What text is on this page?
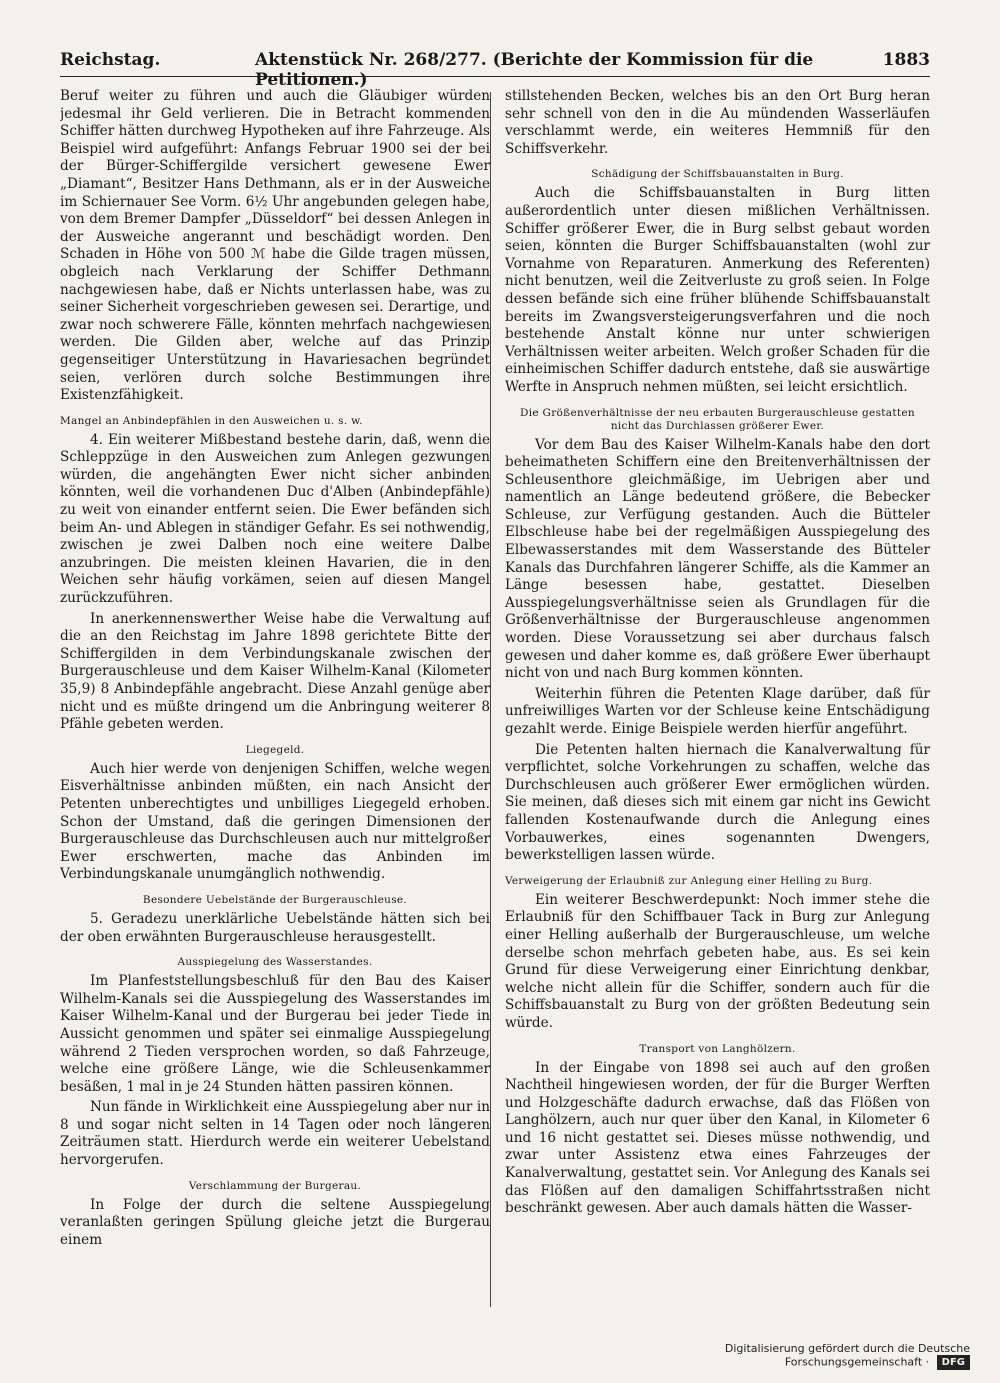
Reichstag.	Aktenstück Nr. 268/277. (Berichte der Kommission für die Petitionen.)
1883

Beruf weiter zu führen und auch die Gläubiger würden jedesmal ihr Geld verlieren. Die in Betracht kommenden Schiffer hätten durchweg Hypotheken auf ihre Fahrzeuge. Als Beispiel wird aufgeführt: Anfangs Februar 1900 sei der bei der Bürger-Schiffergilde versichert gewesene Ewer „Diamant“, Besitzer Hans Dethmann, als er in der Ausweiche im Schiernauer See Vorm. 6½ Uhr angebunden gelegen habe, von dem Bremer Dampfer „Düsseldorf“ bei dessen Anlegen in der Ausweiche angerannt und beschädigt worden. Den Schaden in Höhe von 500 ℳ habe die Gilde tragen müssen, obgleich nach Verklarung der Schiffer Dethmann nachgewiesen habe, daß er Nichts unterlassen habe, was zu seiner Sicherheit vorgeschrieben gewesen sei. Derartige, und zwar noch schwerere Fälle, könnten mehrfach nachgewiesen werden. Die Gilden aber, welche auf das Prinzip gegenseitiger Unterstützung in Havariesachen begründet seien, verlören durch solche Bestimmungen ihre Existenzfähigkeit.

Mangel an Anbindepfählen in den Ausweichen u. s. w.

4. Ein weiterer Mißbestand bestehe darin, daß, wenn die Schleppzüge in den Ausweichen zum Anlegen gezwungen würden, die angehängten Ewer nicht sicher anbinden könnten, weil die vorhandenen Duc d'Alben (Anbindepfähle) zu weit von einander entfernt seien. Die Ewer befänden sich beim An- und Ablegen in ständiger Gefahr. Es sei nothwendig, zwischen je zwei Dalben noch eine weitere Dalbe anzubringen. Die meisten kleinen Havarien, die in den Weichen sehr häufig vorkämen, seien auf diesen Mangel zurückzuführen.

In anerkennenswerther Weise habe die Verwaltung auf die an den Reichstag im Jahre 1898 gerichtete Bitte der Schiffergilden in dem Verbindungskanale zwischen der Burgerauschleuse und dem Kaiser Wilhelm-Kanal (Kilometer 35,9) 8 Anbindepfähle angebracht. Diese Anzahl genüge aber nicht und es müßte dringend um die Anbringung weiterer 8 Pfähle gebeten werden.

Liegegeld.

Auch hier werde von denjenigen Schiffen, welche wegen Eisverhältnisse anbinden müßten, ein nach Ansicht der Petenten unberechtigtes und unbilliges Liegegeld erhoben. Schon der Umstand, daß die geringen Dimensionen der Burgerauschleuse das Durchschleusen auch nur mittelgroßer Ewer erschwerten, mache das Anbinden im Verbindungskanale unumgänglich nothwendig.

Besondere Uebelstände der Burgerauschleuse.

5. Geradezu unerklärliche Uebelstände hätten sich bei der oben erwähnten Burgerauschleuse herausgestellt.

Ausspiegelung des Wasserstandes.

Im Planfeststellungsbeschluß für den Bau des Kaiser Wilhelm-Kanals sei die Ausspiegelung des Wasserstandes im Kaiser Wilhelm-Kanal und der Burgerau bei jeder Tiede in Aussicht genommen und später sei einmalige Ausspiegelung während 2 Tieden versprochen worden, so daß Fahrzeuge, welche eine größere Länge, wie die Schleusenkammer besäßen, 1 mal in je 24 Stunden hätten passiren können.

Nun fände in Wirklichkeit eine Ausspiegelung aber nur in 8 und sogar nicht selten in 14 Tagen oder noch längeren Zeiträumen statt. Hierdurch werde ein weiterer Uebelstand hervorgerufen.

Verschlammung der Burgerau.

In Folge der durch die seltene Ausspiegelung veranlaßten geringen Spülung gleiche jetzt die Burgerau einem

stillstehenden Becken, welches bis an den Ort Burg heran sehr schnell von den in die Au mündenden Wasserläufen verschlammt werde, ein weiteres Hemmniß für den Schiffsverkehr.

Schädigung der Schiffsbauanstalten in Burg.

Auch die Schiffsbauanstalten in Burg litten außerordentlich unter diesen mißlichen Verhältnissen. Schiffer größerer Ewer, die in Burg selbst gebaut worden seien, könnten die Burger Schiffsbauanstalten (wohl zur Vornahme von Reparaturen. Anmerkung des Referenten) nicht benutzen, weil die Zeitverluste zu groß seien. In Folge dessen befände sich eine früher blühende Schiffsbauanstalt bereits im Zwangsversteigerungsverfahren und die noch bestehende Anstalt könne nur unter schwierigen Verhältnissen weiter arbeiten. Welch großer Schaden für die einheimischen Schiffer dadurch entstehe, daß sie auswärtige Werfte in Anspruch nehmen müßten, sei leicht ersichtlich.

Die Größenverhältnisse der neu erbauten Burgerauschleuse gestatten nicht das Durchlassen größerer Ewer.

Vor dem Bau des Kaiser Wilhelm-Kanals habe den dort beheimatheten Schiffern eine den Breitenverhältnissen der Schleusenthore gleichmäßige, im Uebrigen aber und namentlich an Länge bedeutend größere, die Bebecker Schleuse, zur Verfügung gestanden. Auch die Bütteler Elbschleuse habe bei der regelmäßigen Ausspiegelung des Elbewasserstandes mit dem Wasserstande des Bütteler Kanals das Durchfahren längerer Schiffe, als die Kammer an Länge besessen habe, gestattet. Dieselben Ausspiegelungsverhältnisse seien als Grundlagen für die Größenverhältnisse der Burgerauschleuse angenommen worden. Diese Voraussetzung sei aber durchaus falsch gewesen und daher komme es, daß größere Ewer überhaupt nicht von und nach Burg kommen könnten.

Weiterhin führen die Petenten Klage darüber, daß für unfreiwilliges Warten vor der Schleuse keine Entschädigung gezahlt werde. Einige Beispiele werden hierfür angeführt.

Die Petenten halten hiernach die Kanalverwaltung für verpflichtet, solche Vorkehrungen zu schaffen, welche das Durchschleusen auch größerer Ewer ermöglichen würden. Sie meinen, daß dieses sich mit einem gar nicht ins Gewicht fallenden Kostenaufwande durch die Anlegung eines Vorbauwerkes, eines sogenannten Dwengers, bewerkstelligen lassen würde.

Verweigerung der Erlaubniß zur Anlegung einer Helling zu Burg.

Ein weiterer Beschwerdepunkt: Noch immer stehe die Erlaubniß für den Schiffbauer Tack in Burg zur Anlegung einer Helling außerhalb der Burgerauschleuse, um welche derselbe schon mehrfach gebeten habe, aus. Es sei kein Grund für diese Verweigerung einer Einrichtung denkbar, welche nicht allein für die Schiffer, sondern auch für die Schiffsbauanstalt zu Burg von der größten Bedeutung sein würde.

Transport von Langhölzern.

In der Eingabe von 1898 sei auch auf den großen Nachtheil hingewiesen worden, der für die Burger Werften und Holzgeschäfte dadurch erwachse, daß das Flößen von Langhölzern, auch nur quer über den Kanal, in Kilometer 6 und 16 nicht gestattet sei. Dieses müsse nothwendig, und zwar unter Assistenz etwa eines Fahrzeuges der Kanalverwaltung, gestattet sein. Vor Anlegung des Kanals sei das Flößen auf den damaligen Schiffahrtsstraßen nicht beschränkt gewesen. Aber auch damals hätten die Wasser-

Digitalisierung gefördert durch die Deutsche Forschungsgemeinschaft · DFG
